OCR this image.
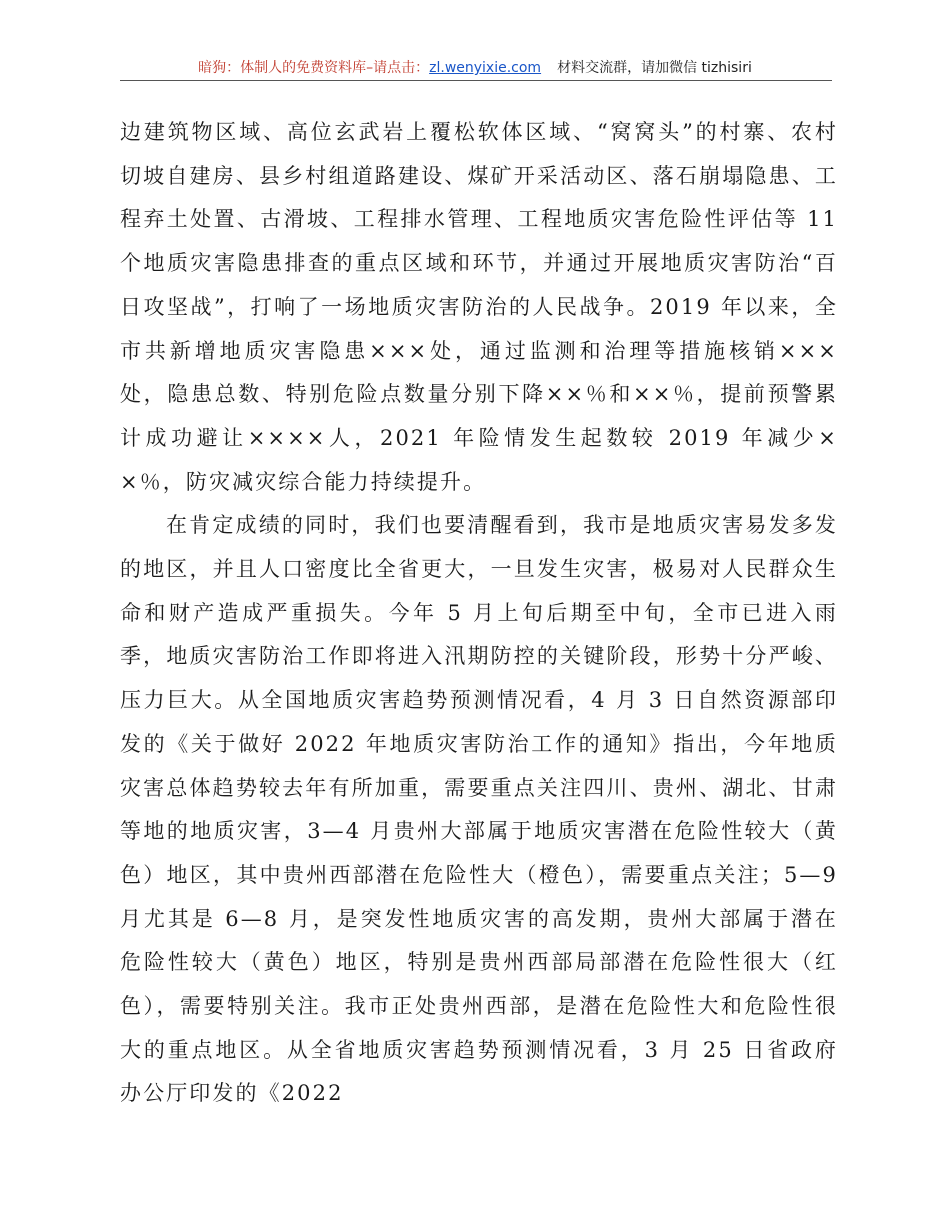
暗狗：体制人的免费资料库–请点击：zl.wenyixie.com 材料交流群，请加微信 tizhisiri

边建筑物区域、高位玄武岩上覆松软体区域、“窝窝头”的村寨、农村切坡自建房、县乡村组道路建设、煤矿开采活动区、落石崩塌隐患、工程弃土处置、古滑坡、工程排水管理、工程地质灾害危险性评估等 11 个地质灾害隐患排查的重点区域和环节，并通过开展地质灾害防治“百日攻坚战”，打响了一场地质灾害防治的人民战争。2019 年以来，全市共新增地质灾害隐患×××处，通过监测和治理等措施核销×××处，隐患总数、特别危险点数量分别下降××％和××％，提前预警累计成功避让××××人，2021 年险情发生起数较 2019 年减少××％，防灾减灾综合能力持续提升。

在肯定成绩的同时，我们也要清醒看到，我市是地质灾害易发多发的地区，并且人口密度比全省更大，一旦发生灾害，极易对人民群众生命和财产造成严重损失。今年 5 月上旬后期至中旬，全市已进入雨季，地质灾害防治工作即将进入汛期防控的关键阶段，形势十分严峻、压力巨大。从全国地质灾害趋势预测情况看，4 月 3 日自然资源部印发的《关于做好 2022 年地质灾害防治工作的通知》指出，今年地质灾害总体趋势较去年有所加重，需要重点关注四川、贵州、湖北、甘肃等地的地质灾害，3—4 月贵州大部属于地质灾害潜在危险性较大（黄色）地区，其中贵州西部潜在危险性大（橙色），需要重点关注；5—9 月尤其是 6—8 月，是突发性地质灾害的高发期，贵州大部属于潜在危险性较大（黄色）地区，特别是贵州西部局部潜在危险性很大（红色），需要特别关注。我市正处贵州西部，是潜在危险性大和危险性很大的重点地区。从全省地质灾害趋势预测情况看，3 月 25 日省政府办公厅印发的《2022
